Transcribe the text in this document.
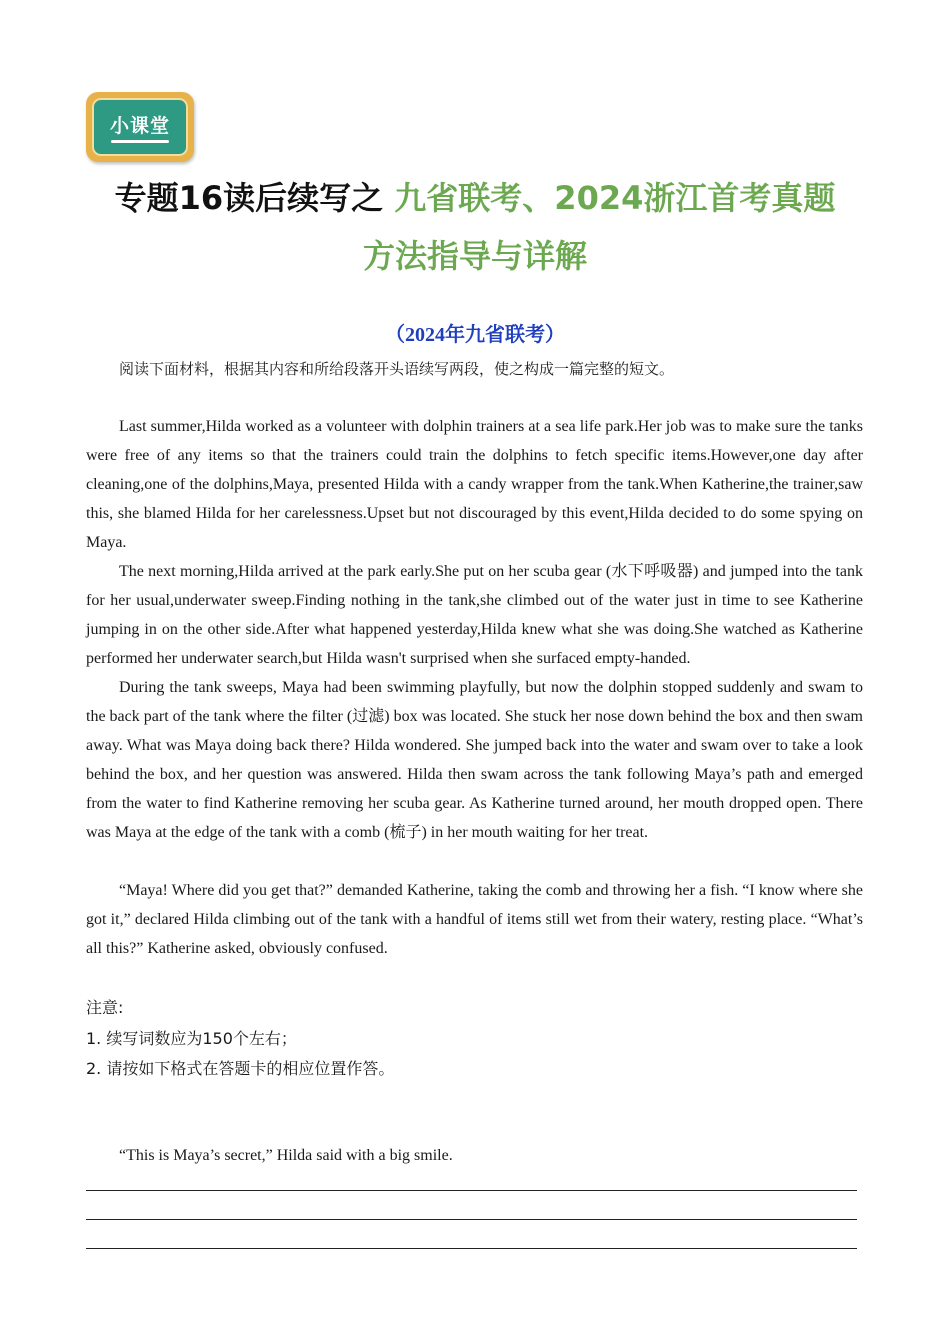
小课堂
专题16读后续写之 九省联考、2024浙江首考真题
方法指导与详解
（2024年九省联考）

阅读下面材料，根据其内容和所给段落开头语续写两段，使之构成一篇完整的短文。

Last summer,Hilda worked as a volunteer with dolphin trainers at a sea life park.Her job was to make sure the tanks were free of any items so that the trainers could train the dolphins to fetch specific items.However,one day after cleaning,one of the dolphins,Maya, presented Hilda with a candy wrapper from the tank.When Katherine,the trainer,saw this, she blamed Hilda for her carelessness.Upset but not discouraged by this event,Hilda decided to do some spying on Maya.

The next morning,Hilda arrived at the park early.She put on her scuba gear (水下呼吸器) and jumped into the tank for her usual,underwater sweep.Finding nothing in the tank,she climbed out of the water just in time to see Katherine jumping in on the other side.After what happened yesterday,Hilda knew what she was doing.She watched as Katherine performed her underwater search,but Hilda wasn't surprised when she surfaced empty-handed.

During the tank sweeps, Maya had been swimming playfully, but now the dolphin stopped suddenly and swam to the back part of the tank where the filter (过滤) box was located. She stuck her nose down behind the box and then swam away. What was Maya doing back there? Hilda wondered. She jumped back into the water and swam over to take a look behind the box, and her question was answered. Hilda then swam across the tank following Maya’s path and emerged from the water to find Katherine removing her scuba gear. As Katherine turned around, her mouth dropped open. There was Maya at the edge of the tank with a comb (梳子) in her mouth waiting for her treat.

“Maya! Where did you get that?” demanded Katherine, taking the comb and throwing her a fish. “I know where she got it,” declared Hilda climbing out of the tank with a handful of items still wet from their watery, resting place. “What’s all this?” Katherine asked, obviously confused.

注意:

1. 续写词数应为150个左右；

2. 请按如下格式在答题卡的相应位置作答。

“This is Maya’s secret,” Hilda said with a big smile.
